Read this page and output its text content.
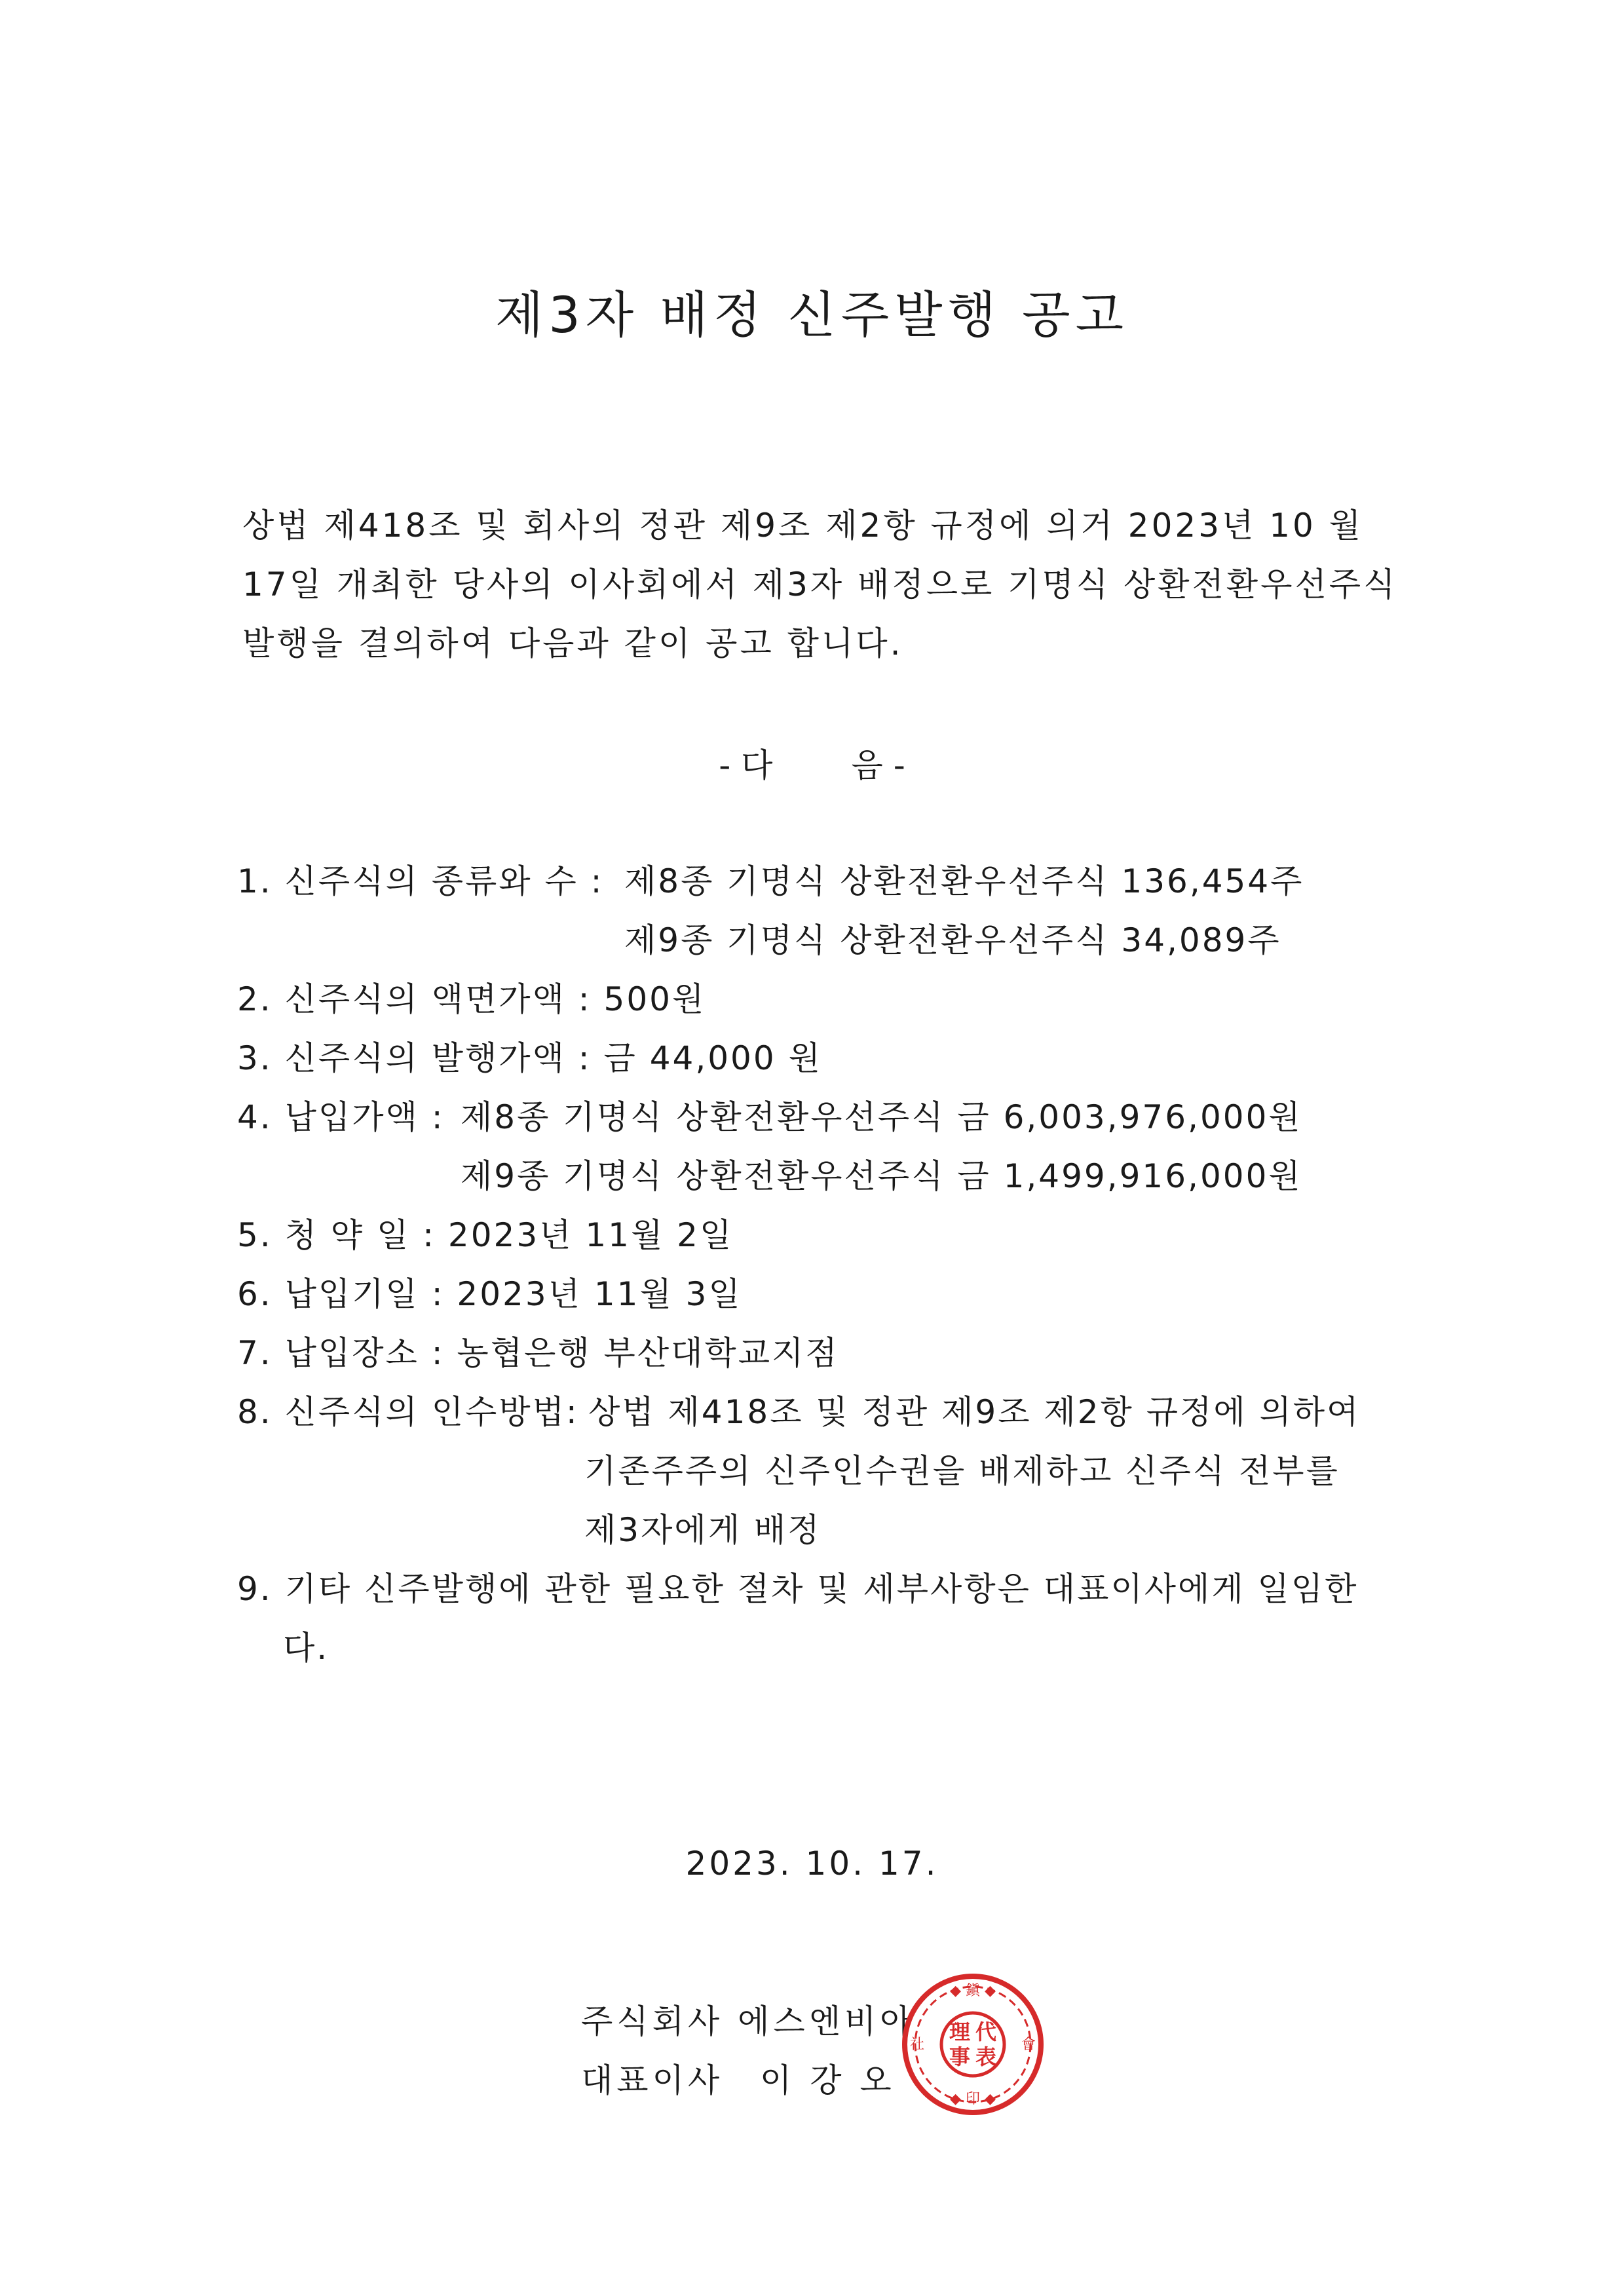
제3자 배정 신주발행 공고
상법 제418조 및 회사의 정관 제9조 제2항 규정에 의거 2023년 10 월
17일 개최한 당사의 이사회에서 제3자 배정으로 기명식 상환전환우선주식
발행을 결의하여 다음과 같이 공고 합니다.
- 다 음 -
1. 신주식의 종류와 수 : 제8종 기명식 상환전환우선주식 136,454주
제9종 기명식 상환전환우선주식 34,089주
2. 신주식의 액면가액 : 500원
3. 신주식의 발행가액 : 금 44,000 원
4. 납입가액 : 제8종 기명식 상환전환우선주식 금 6,003,976,000원
제9종 기명식 상환전환우선주식 금 1,499,916,000원
5. 청 약 일 : 2023년 11월 2일
6. 납입기일 : 2023년 11월 3일
7. 납입장소 : 농협은행 부산대학교지점
8. 신주식의 인수방법: 상법 제418조 및 정관 제9조 제2항 규정에 의하여
기존주주의 신주인수권을 배제하고 신주식 전부를
제3자에게 배정
9. 기타 신주발행에 관한 필요한 절차 및 세부사항은 대표이사에게 일임한
다.
2023. 10. 17.
주식회사 에스엔비아
대표이사 이 강 오
理 代
事 表
◆ 鎭 ◆
◆ 印 ◆
社	會
